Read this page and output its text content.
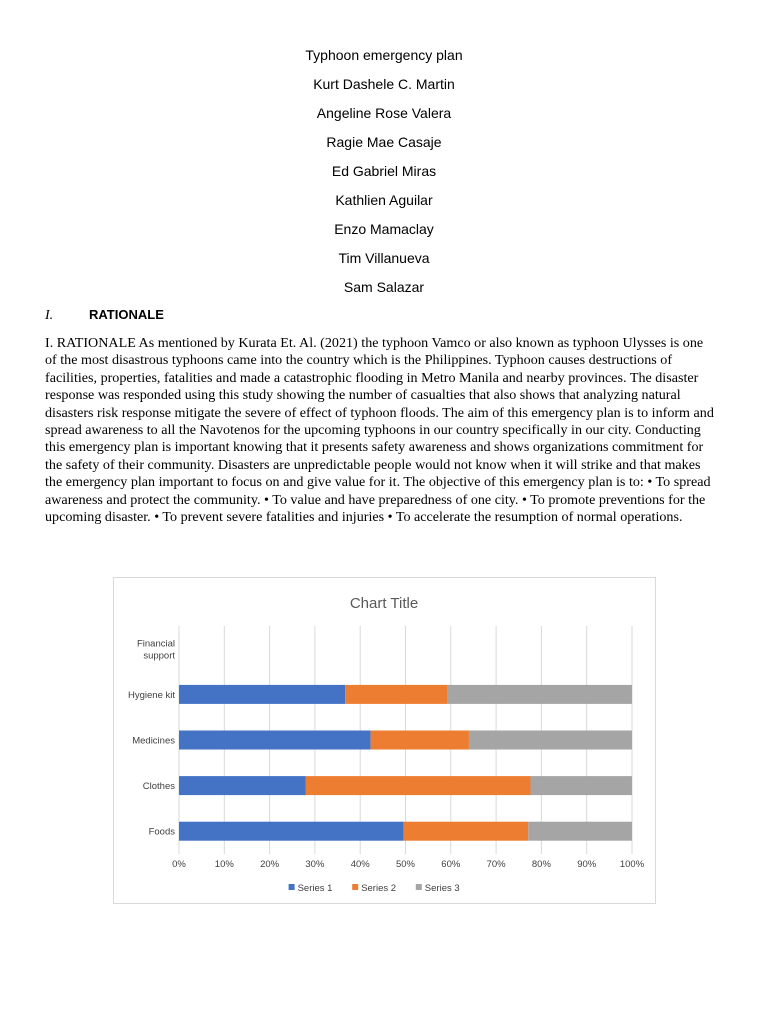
Typhoon emergency plan
Kurt Dashele C. Martin
Angeline Rose Valera
Ragie Mae Casaje
Ed Gabriel Miras
Kathlien Aguilar
Enzo Mamaclay
Tim Villanueva
Sam Salazar
I.	RATIONALE

I. RATIONALE As mentioned by Kurata Et. Al. (2021) the typhoon Vamco or also known as typhoon Ulysses is one of the most disastrous typhoons came into the country which is the Philippines. Typhoon causes destructions of facilities, properties, fatalities and made a catastrophic flooding in Metro Manila and nearby provinces. The disaster response was responded using this study showing the number of casualties that also shows that analyzing natural disasters risk response mitigate the severe of effect of typhoon floods. The aim of this emergency plan is to inform and spread awareness to all the Navotenos for the upcoming typhoons in our country specifically in our city. Conducting this emergency plan is important knowing that it presents safety awareness and shows organizations commitment for the safety of their community. Disasters are unpredictable people would not know when it will strike and that makes the emergency plan important to focus on and give value for it. The objective of this emergency plan is to: • To spread awareness and protect the community. • To value and have preparedness of one city. • To promote preventions for the upcoming disaster. • To prevent severe fatalities and injuries • To accelerate the resumption of normal operations.

Chart Title
0%	10%	20%	30%	40%	50%	60%	70%	80%	90% 100%
Financial
support
Hygiene kit
Medicines
Clothes
Foods
Series 1	Series 2	Series 3
